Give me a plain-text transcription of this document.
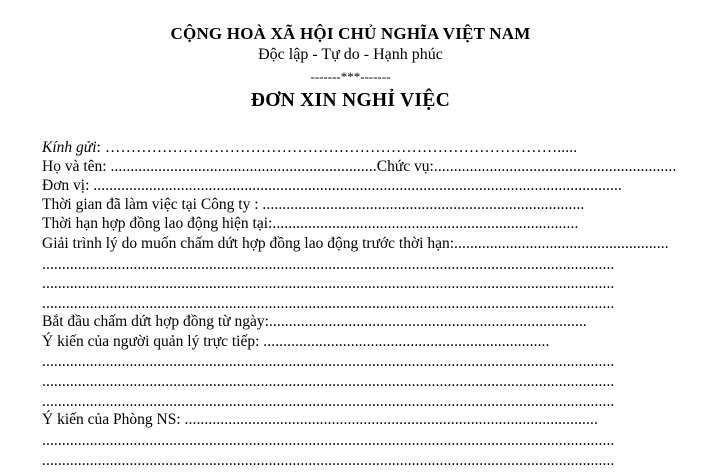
CỘNG HOÀ XÃ HỘI CHỦ NGHĨA VIỆT NAM
Độc lập - Tự do - Hạnh phúc
-------***-------
ĐƠN XIN NGHỈ VIỆC
Kính gửi: …………………………………………………………………………….....
Họ và tên: ...................................................................Chức vụ:.............................................................
Đơn vị: .....................................................................................................................................
Thời gian đã làm việc tại Công ty : .................................................................................
Thời hạn hợp đồng lao động hiện tại:.............................................................................
Giải trình lý do muốn chấm dứt hợp đồng lao động trước thời hạn:......................................................
................................................................................................................................................
................................................................................................................................................
................................................................................................................................................
Bắt đầu chấm dứt hợp đồng từ ngày:................................................................................
Ý kiến của người quản lý trực tiếp: ........................................................................
................................................................................................................................................
................................................................................................................................................
................................................................................................................................................
Ý kiến của Phòng NS: ........................................................................................................
................................................................................................................................................
................................................................................................................................................
